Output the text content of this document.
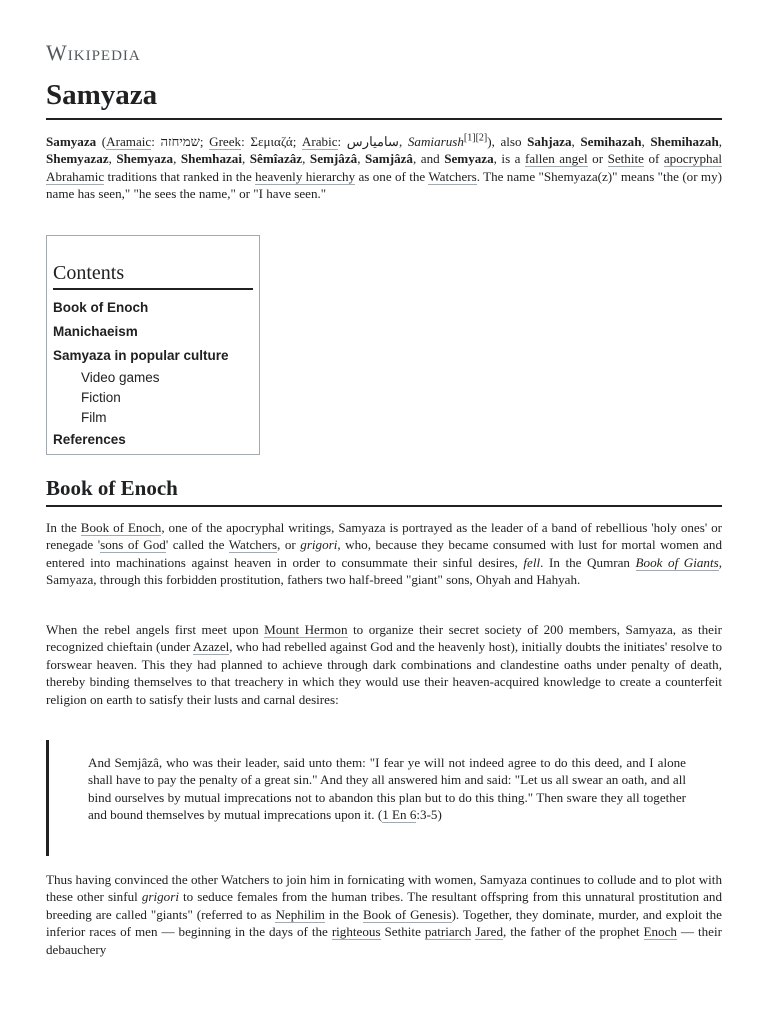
Wikipedia
Samyaza

Samyaza (Aramaic: שמיחזה; Greek: Σεμιαζά; Arabic: ساميارس, Samiarush[1][2]), also Sahjaza, Semihazah, Shemihazah, Shemyazaz, Shemyaza, Shemhazai, Sêmîazâz, Semjâzâ, Samjâzâ, and Semyaza, is a fallen angel or Sethite of apocryphal Abrahamic traditions that ranked in the heavenly hierarchy as one of the Watchers. The name "Shemyaza(z)" means "the (or my) name has seen," "he sees the name," or "I have seen."

Contents
Book of Enoch
Manichaeism
Samyaza in popular culture
Video games
Fiction
Film
References
Book of Enoch

In the Book of Enoch, one of the apocryphal writings, Samyaza is portrayed as the leader of a band of rebellious 'holy ones' or renegade 'sons of God' called the Watchers, or grigori, who, because they became consumed with lust for mortal women and entered into machinations against heaven in order to consummate their sinful desires, fell. In the Qumran Book of Giants, Samyaza, through this forbidden prostitution, fathers two half-breed "giant" sons, Ohyah and Hahyah.

When the rebel angels first meet upon Mount Hermon to organize their secret society of 200 members, Samyaza, as their recognized chieftain (under Azazel, who had rebelled against God and the heavenly host), initially doubts the initiates' resolve to forswear heaven. This they had planned to achieve through dark combinations and clandestine oaths under penalty of death, thereby binding themselves to that treachery in which they would use their heaven-acquired knowledge to create a counterfeit religion on earth to satisfy their lusts and carnal desires:

And Semjâzâ, who was their leader, said unto them: "I fear ye will not indeed agree to do this deed, and I alone shall have to pay the penalty of a great sin." And they all answered him and said: "Let us all swear an oath, and all bind ourselves by mutual imprecations not to abandon this plan but to do this thing." Then sware they all together and bound themselves by mutual imprecations upon it. (1 En 6:3-5)

Thus having convinced the other Watchers to join him in fornicating with women, Samyaza continues to collude and to plot with these other sinful grigori to seduce females from the human tribes. The resultant offspring from this unnatural prostitution and breeding are called "giants" (referred to as Nephilim in the Book of Genesis). Together, they dominate, murder, and exploit the inferior races of men — beginning in the days of the righteous Sethite patriarch Jared, the father of the prophet Enoch — their debauchery
